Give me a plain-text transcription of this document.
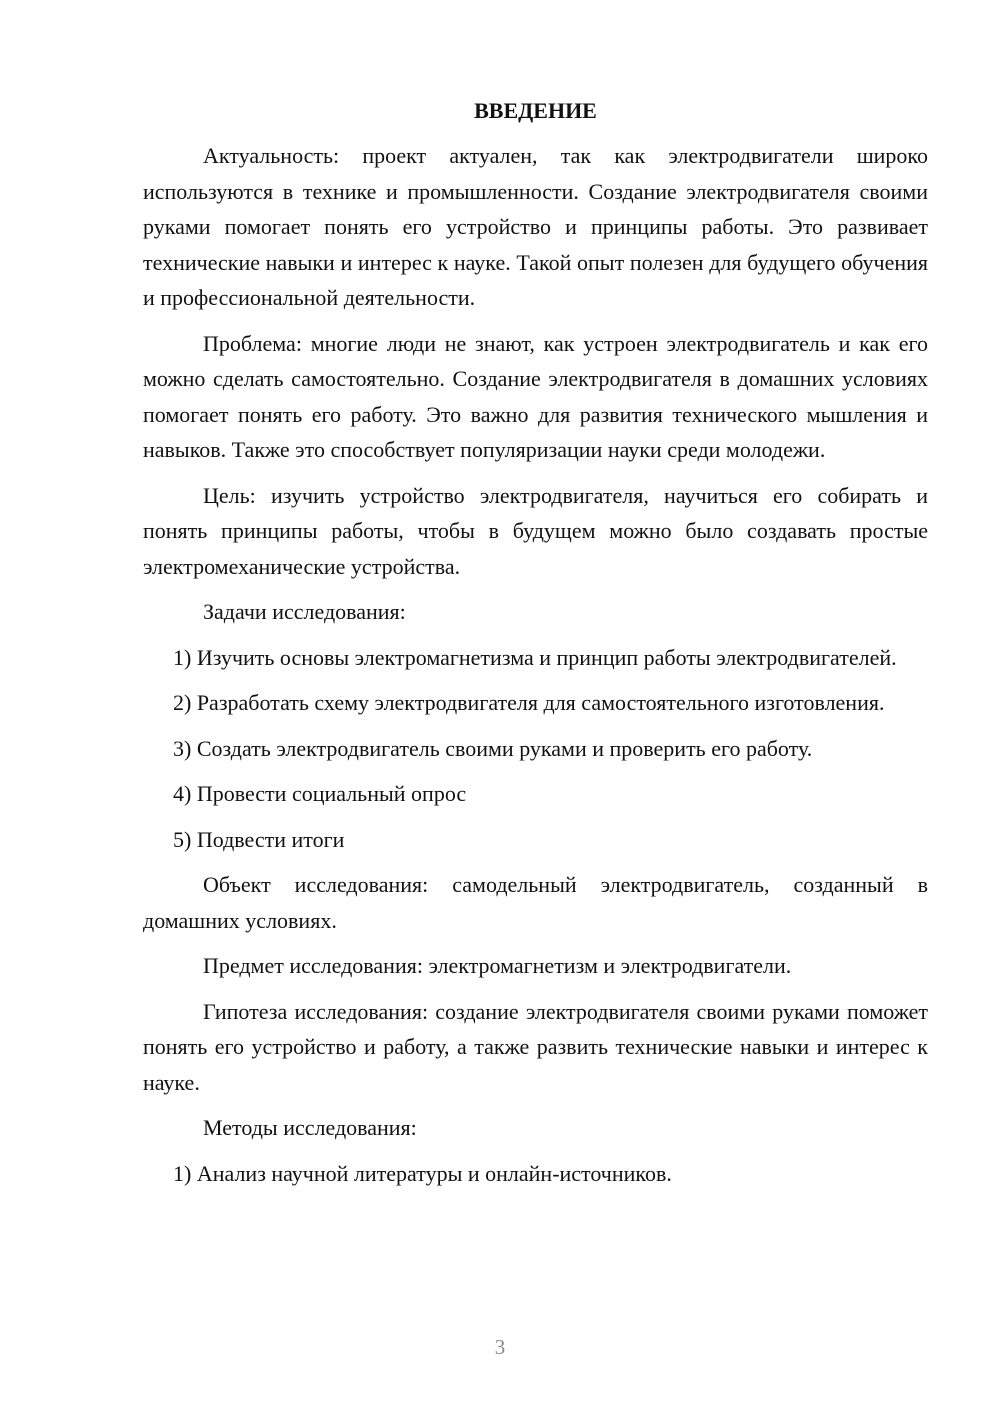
ВВЕДЕНИЕ

Актуальность: проект актуален, так как электродвигатели широко используются в технике и промышленности. Создание электродвигателя своими руками помогает понять его устройство и принципы работы. Это развивает технические навыки и интерес к науке. Такой опыт полезен для будущего обучения и профессиональной деятельности.

Проблема: многие люди не знают, как устроен электродвигатель и как его можно сделать самостоятельно. Создание электродвигателя в домашних условиях помогает понять его работу. Это важно для развития технического мышления и навыков. Также это способствует популяризации науки среди молодежи.

Цель: изучить устройство электродвигателя, научиться его собирать и понять принципы работы, чтобы в будущем можно было создавать простые электромеханические устройства.

Задачи исследования:

1) Изучить основы электромагнетизма и принцип работы электродвигателей.

2) Разработать схему электродвигателя для самостоятельного изготовления.

3) Создать электродвигатель своими руками и проверить его работу.

4) Провести социальный опрос

5) Подвести итоги

Объект исследования: самодельный электродвигатель, созданный в домашних условиях.

Предмет исследования: электромагнетизм и электродвигатели.

Гипотеза исследования: создание электродвигателя своими руками поможет понять его устройство и работу, а также развить технические навыки и интерес к науке.

Методы исследования:

1) Анализ научной литературы и онлайн-источников.

3
